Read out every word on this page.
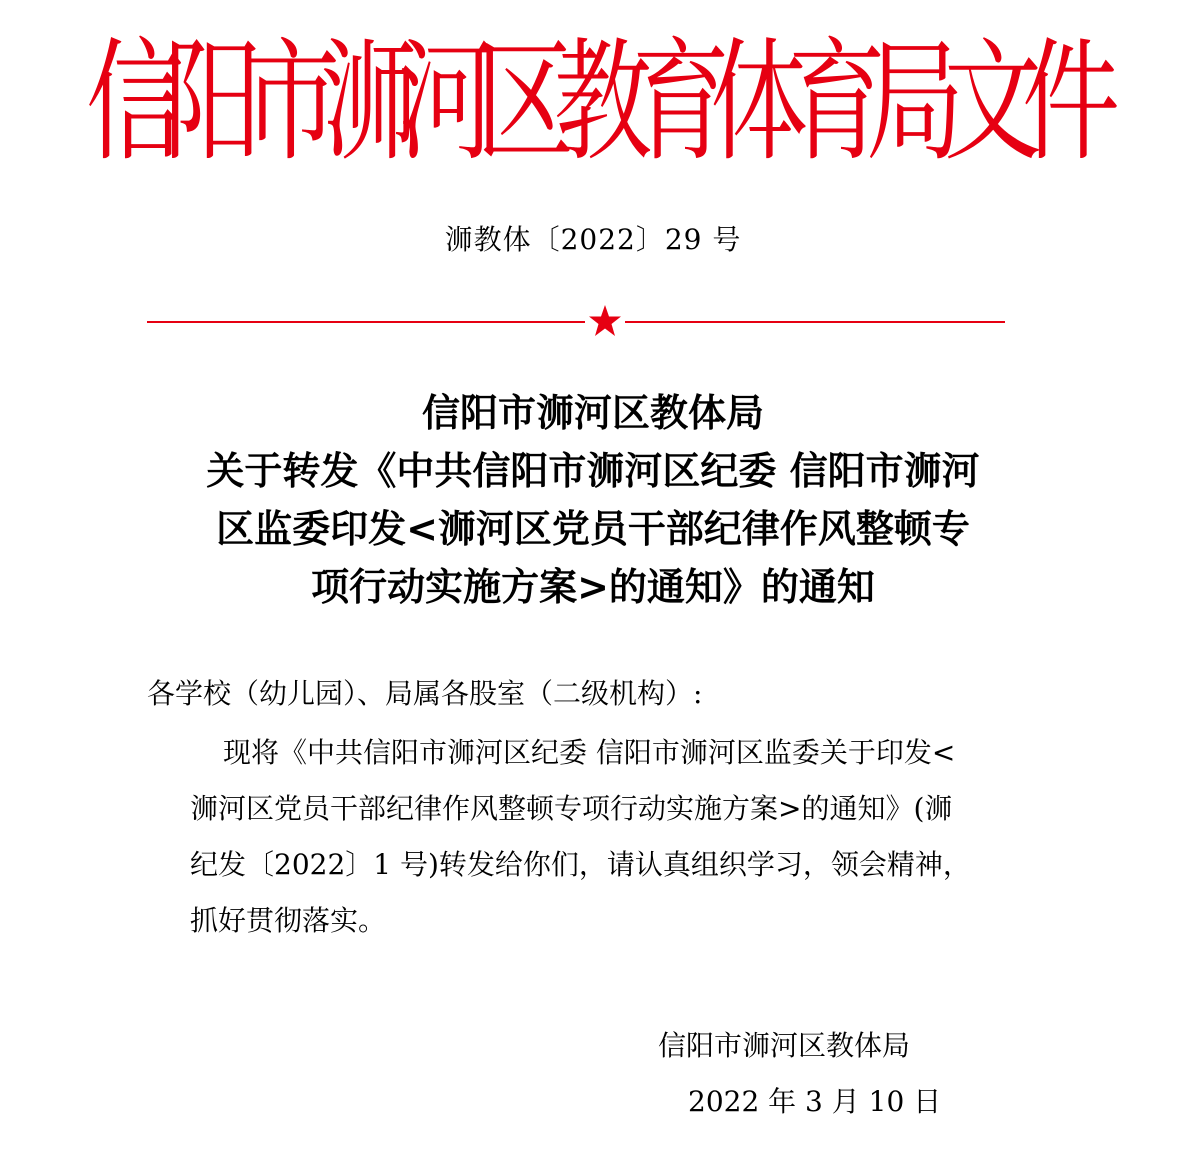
信阳市浉河区教育体育局文件
浉教体〔2022〕29 号
信阳市浉河区教体局
关于转发《中共信阳市浉河区纪委 信阳市浉河
区监委印发<浉河区党员干部纪律作风整顿专
项行动实施方案>的通知》的通知
各学校（幼儿园）、局属各股室（二级机构）:
现将《中共信阳市浉河区纪委 信阳市浉河区监委关于印发<
浉河区党员干部纪律作风整顿专项行动实施方案>的通知》(浉
纪发〔2022〕1 号)转发给你们，请认真组织学习，领会精神，
抓好贯彻落实。
信阳市浉河区教体局
2022 年 3 月 10 日
